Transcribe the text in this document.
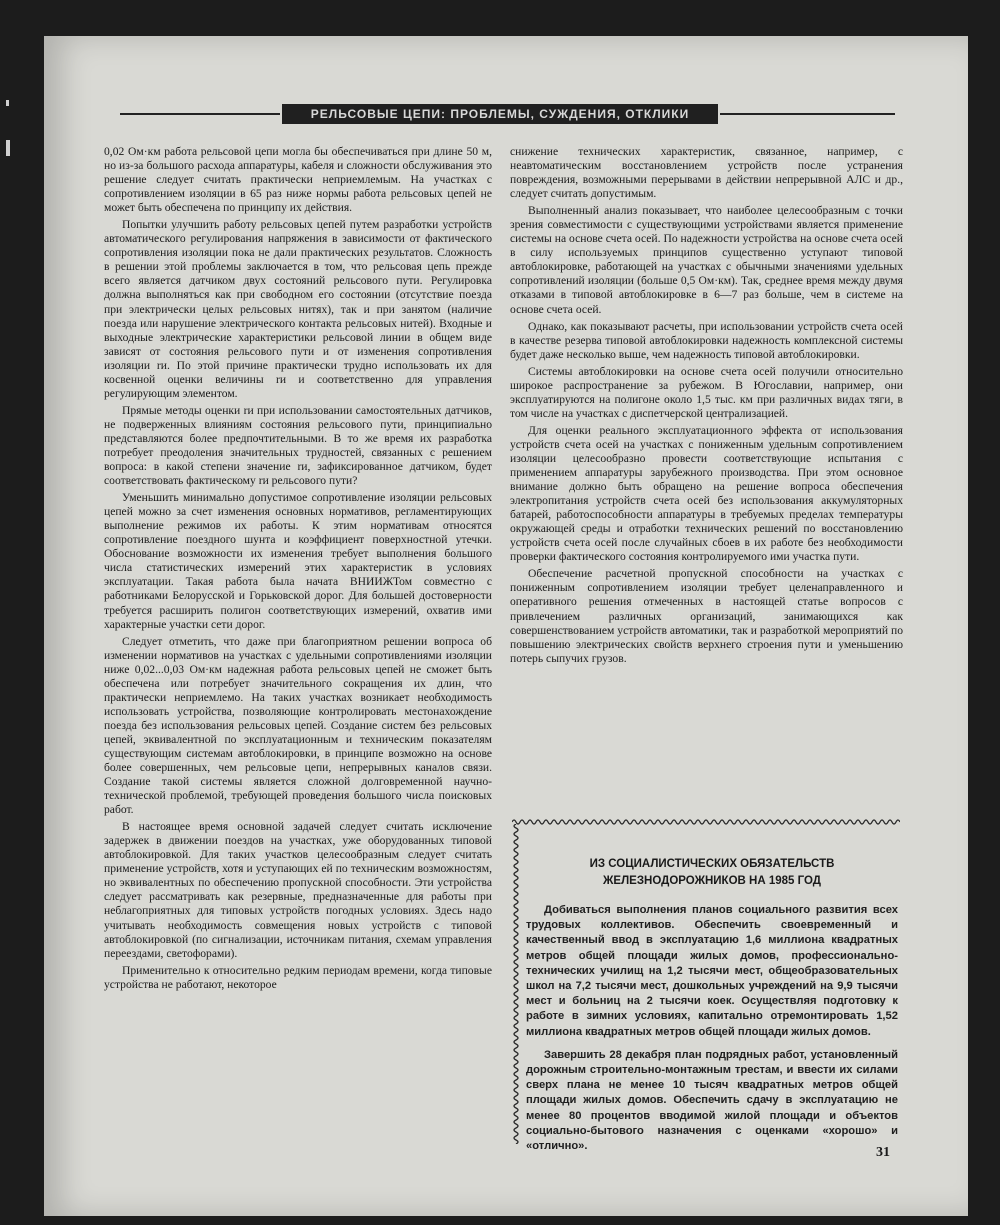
РЕЛЬСОВЫЕ ЦЕПИ: ПРОБЛЕМЫ, СУЖДЕНИЯ, ОТКЛИКИ

0,02 Ом·км работа рельсовой цепи могла бы обеспечиваться при длине 50 м, но из-за большого расхода аппаратуры, кабеля и сложности обслуживания это решение следует считать практически неприемлемым. На участках с сопротивлением изоляции в 65 раз ниже нормы работа рельсовых цепей не может быть обеспечена по принципу их действия.

Попытки улучшить работу рельсовых цепей путем разработки устройств автоматического регулирования напряжения в зависимости от фактического сопротивления изоляции пока не дали практических результатов. Сложность в решении этой проблемы заключается в том, что рельсовая цепь прежде всего является датчиком двух состояний рельсового пути. Регулировка должна выполняться как при свободном его состоянии (отсутствие поезда при электрически целых рельсовых нитях), так и при занятом (наличие поезда или нарушение электрического контакта рельсовых нитей). Входные и выходные электрические характеристики рельсовой линии в общем виде зависят от состояния рельсового пути и от изменения сопротивления изоляции rи. По этой причине практически трудно использовать их для косвенной оценки величины rи и соответственно для управления регулирующим элементом.

Прямые методы оценки rи при использовании самостоятельных датчиков, не подверженных влияниям состояния рельсового пути, принципиально представляются более предпочтительными. В то же время их разработка потребует преодоления значительных трудностей, связанных с решением вопроса: в какой степени значение rи, зафиксированное датчиком, будет соответствовать фактическому rи рельсового пути?

Уменьшить минимально допустимое сопротивление изоляции рельсовых цепей можно за счет изменения основных нормативов, регламентирующих выполнение режимов их работы. К этим нормативам относятся сопротивление поездного шунта и коэффициент поверхностной утечки. Обоснование возможности их изменения требует выполнения большого числа статистических измерений этих характеристик в условиях эксплуатации. Такая работа была начата ВНИИЖТом совместно с работниками Белорусской и Горьковской дорог. Для большей достоверности требуется расширить полигон соответствующих измерений, охватив ими характерные участки сети дорог.

Следует отметить, что даже при благоприятном решении вопроса об изменении нормативов на участках с удельными сопротивлениями изоляции ниже 0,02...0,03 Ом·км надежная работа рельсовых цепей не сможет быть обеспечена или потребует значительного сокращения их длин, что практически неприемлемо. На таких участках возникает необходимость использовать устройства, позволяющие контролировать местонахождение поезда без использования рельсовых цепей. Создание систем без рельсовых цепей, эквивалентной по эксплуатационным и техническим показателям существующим системам автоблокировки, в принципе возможно на основе более совершенных, чем рельсовые цепи, непрерывных каналов связи. Создание такой системы является сложной долговременной научно-технической проблемой, требующей проведения большого числа поисковых работ.

В настоящее время основной задачей следует считать исключение задержек в движении поездов на участках, уже оборудованных типовой автоблокировкой. Для таких участков целесообразным следует считать применение устройств, хотя и уступающих ей по техническим возможностям, но эквивалентных по обеспечению пропускной способности. Эти устройства следует рассматривать как резервные, предназначенные для работы при неблагоприятных для типовых устройств погодных условиях. Здесь надо учитывать необходимость совмещения новых устройств с типовой автоблокировкой (по сигнализации, источникам питания, схемам управления переездами, светофорами).

Применительно к относительно редким периодам времени, когда типовые устройства не работают, некоторое

снижение технических характеристик, связанное, например, с неавтоматическим восстановлением устройств после устранения повреждения, возможными перерывами в действии непрерывной АЛС и др., следует считать допустимым.

Выполненный анализ показывает, что наиболее целесообразным с точки зрения совместимости с существующими устройствами является применение системы на основе счета осей. По надежности устройства на основе счета осей в силу используемых принципов существенно уступают типовой автоблокировке, работающей на участках с обычными значениями удельных сопротивлений изоляции (больше 0,5 Ом·км). Так, среднее время между двумя отказами в типовой автоблокировке в 6—7 раз больше, чем в системе на основе счета осей.

Однако, как показывают расчеты, при использовании устройств счета осей в качестве резерва типовой автоблокировки надежность комплексной системы будет даже несколько выше, чем надежность типовой автоблокировки.

Системы автоблокировки на основе счета осей получили относительно широкое распространение за рубежом. В Югославии, например, они эксплуатируются на полигоне около 1,5 тыс. км при различных видах тяги, в том числе на участках с диспетчерской централизацией.

Для оценки реального эксплуатационного эффекта от использования устройств счета осей на участках с пониженным удельным сопротивлением изоляции целесообразно провести соответствующие испытания с применением аппаратуры зарубежного производства. При этом основное внимание должно быть обращено на решение вопроса обеспечения электропитания устройств счета осей без использования аккумуляторных батарей, работоспособности аппаратуры в требуемых пределах температуры окружающей среды и отработки технических решений по восстановлению устройств счета осей после случайных сбоев в их работе без необходимости проверки фактического состояния контролируемого ими участка пути.

Обеспечение расчетной пропускной способности на участках с пониженным сопротивлением изоляции требует целенаправленного и оперативного решения отмеченных в настоящей статье вопросов с привлечением различных организаций, занимающихся как совершенствованием устройств автоматики, так и разработкой мероприятий по повышению электрических свойств верхнего строения пути и уменьшению потерь сыпучих грузов.

ИЗ СОЦИАЛИСТИЧЕСКИХ ОБЯЗАТЕЛЬСТВ
ЖЕЛЕЗНОДОРОЖНИКОВ НА 1985 ГОД

Добиваться выполнения планов социального развития всех трудовых коллективов. Обеспечить своевременный и качественный ввод в эксплуатацию 1,6 миллиона квадратных метров общей площади жилых домов, профессионально-технических училищ на 1,2 тысячи мест, общеобразовательных школ на 7,2 тысячи мест, дошкольных учреждений на 9,9 тысячи мест и больниц на 2 тысячи коек. Осуществляя подготовку к работе в зимних условиях, капитально отремонтировать 1,52 миллиона квадратных метров общей площади жилых домов.

Завершить 28 декабря план подрядных работ, установленный дорожным строительно-монтажным трестам, и ввести их силами сверх плана не менее 10 тысяч квадратных метров общей площади жилых домов. Обеспечить сдачу в эксплуатацию не менее 80 процентов вводимой жилой площади и объектов социально-бытового назначения с оценками «хорошо» и «отлично».	31
